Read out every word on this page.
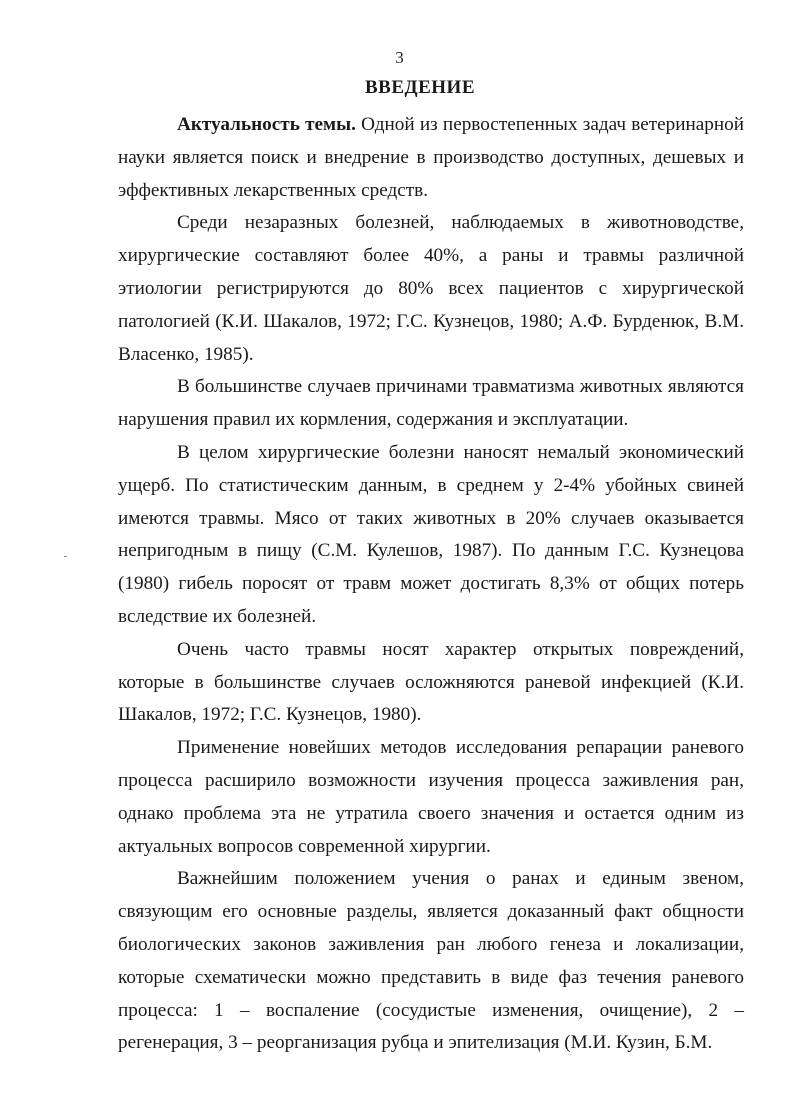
3
ВВЕДЕНИЕ

Актуальность темы. Одной из первостепенных задач ветеринарной науки является поиск и внедрение в производство доступных, дешевых и эффективных лекарственных средств.

Среди незаразных болезней, наблюдаемых в животноводстве, хирургические составляют более 40%, а раны и травмы различной этиологии регистрируются до 80% всех пациентов с хирургической патологией (К.И. Шакалов, 1972; Г.С. Кузнецов, 1980; А.Ф. Бурденюк, В.М. Власенко, 1985).

В большинстве случаев причинами травматизма животных являются нарушения правил их кормления, содержания и эксплуатации.

В целом хирургические болезни наносят немалый экономический ущерб. По статистическим данным, в среднем у 2-4% убойных свиней имеются травмы. Мясо от таких животных в 20% случаев оказывается непригодным в пищу (С.М. Кулешов, 1987). По данным Г.С. Кузнецова (1980) гибель поросят от травм может достигать 8,3% от общих потерь вследствие их болезней.

Очень часто травмы носят характер открытых повреждений, которые в большинстве случаев осложняются раневой инфекцией (К.И. Шакалов, 1972; Г.С. Кузнецов, 1980).

Применение новейших методов исследования репарации раневого процесса расширило возможности изучения процесса заживления ран, однако проблема эта не утратила своего значения и остается одним из актуальных вопросов современной хирургии.

Важнейшим положением учения о ранах и единым звеном, связующим его основные разделы, является доказанный факт общности биологических законов заживления ран любого генеза и локализации, которые схематически можно представить в виде фаз течения раневого процесса: 1 – воспаление (сосудистые изменения, очищение), 2 – регенерация, 3 – реорганизация рубца и эпителизация (М.И. Кузин, Б.М.
